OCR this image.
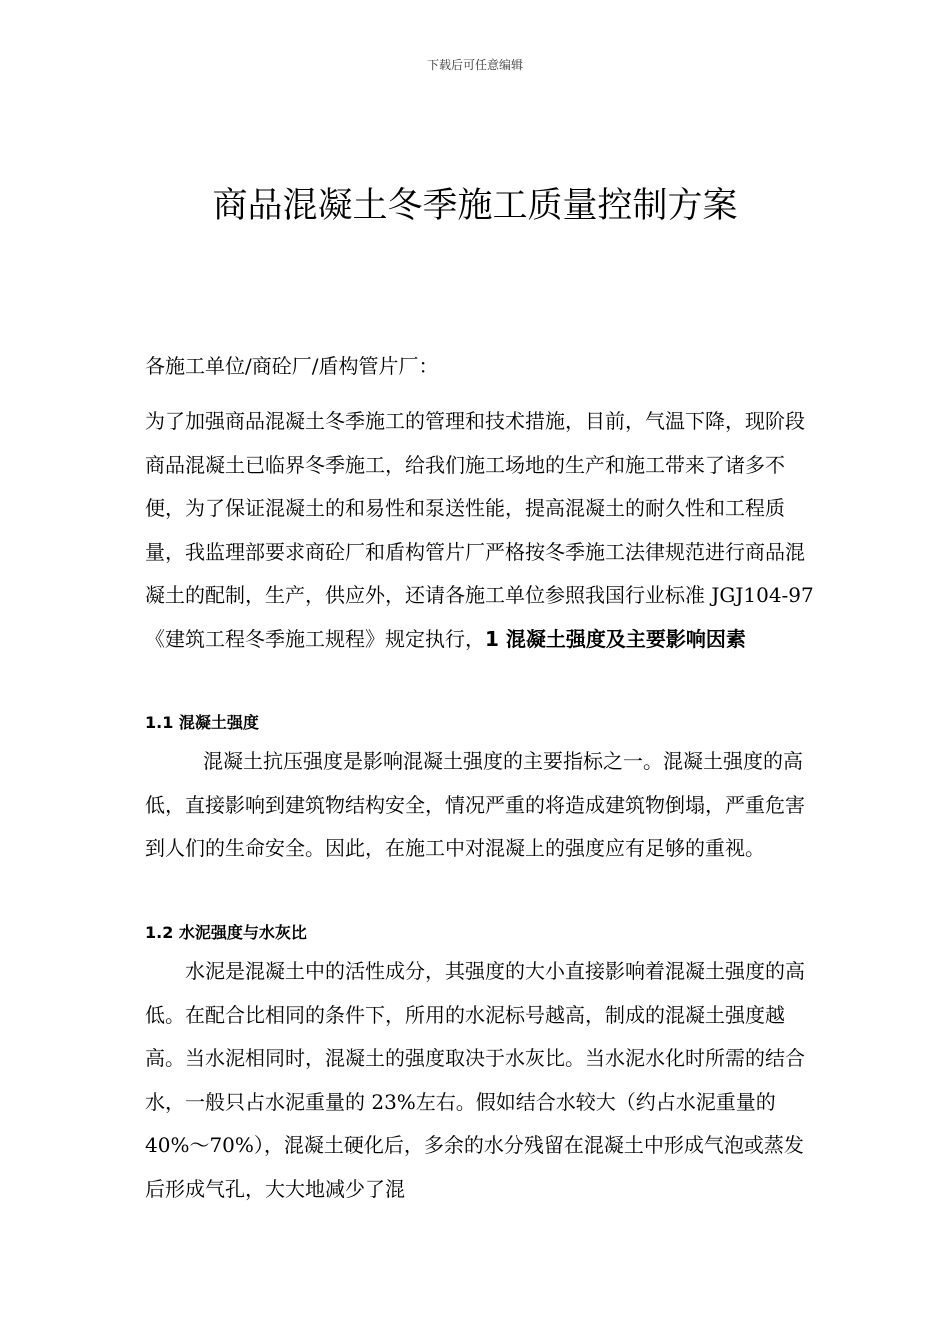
下载后可任意编辑
商品混凝土冬季施工质量控制方案
各施工单位/商砼厂/盾构管片厂：
为了加强商品混凝土冬季施工的管理和技术措施，目前，气温下降，现阶段商品混凝土已临界冬季施工，给我们施工场地的生产和施工带来了诸多不便，为了保证混凝土的和易性和泵送性能，提高混凝土的耐久性和工程质量，我监理部要求商砼厂和盾构管片厂严格按冬季施工法律规范进行商品混凝土的配制，生产，供应外，还请各施工单位参照我国行业标准 JGJ104-97《建筑工程冬季施工规程》规定执行，1 混凝土强度及主要影响因素
1.1 混凝土强度
混凝土抗压强度是影响混凝土强度的主要指标之一。混凝土强度的高低，直接影响到建筑物结构安全，情况严重的将造成建筑物倒塌，严重危害到人们的生命安全。因此，在施工中对混凝上的强度应有足够的重视。
1.2 水泥强度与水灰比
水泥是混凝土中的活性成分，其强度的大小直接影响着混凝土强度的高低。在配合比相同的条件下，所用的水泥标号越高，制成的混凝土强度越高。当水泥相同时，混凝土的强度取决于水灰比。当水泥水化时所需的结合水，一般只占水泥重量的 23%左右。假如结合水较大（约占水泥重量的 40%～70%），混凝土硬化后，多余的水分残留在混凝土中形成气泡或蒸发后形成气孔，大大地减少了混
